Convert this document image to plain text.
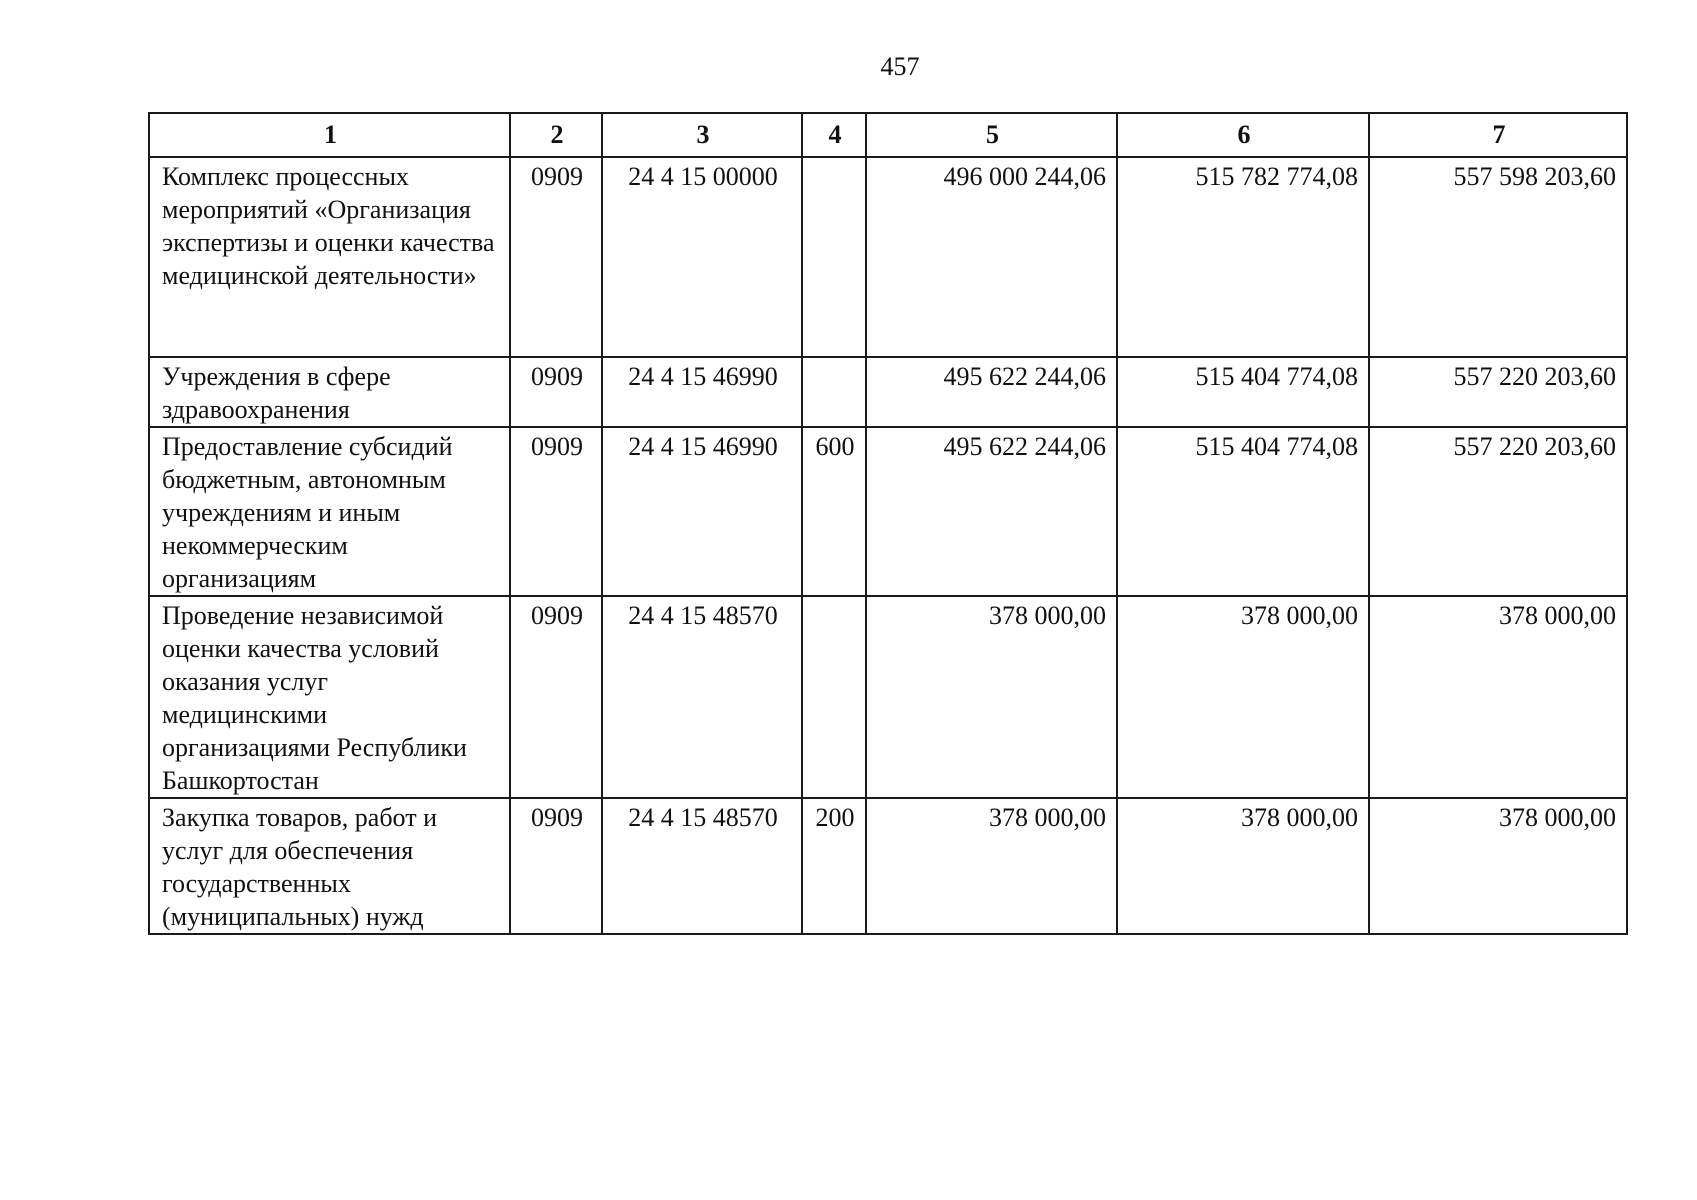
457
1	2	3	4	5	6	7
Комплекс процессных мероприятий «Организация экспертизы и оценки качества медицинской деятельности»	0909	24 4 15 00000		496 000 244,06	515 782 774,08	557 598 203,60
Учреждения в сфере здравоохранения	0909	24 4 15 46990		495 622 244,06	515 404 774,08	557 220 203,60
Предоставление субсидий бюджетным, автономным учреждениям и иным некоммерческим организациям	0909	24 4 15 46990	600	495 622 244,06	515 404 774,08	557 220 203,60
Проведение независимой оценки качества условий оказания услуг медицинскими организациями Республики Башкортостан	0909	24 4 15 48570		378 000,00	378 000,00	378 000,00
Закупка товаров, работ и услуг для обеспечения государственных (муниципальных) нужд	0909	24 4 15 48570	200	378 000,00	378 000,00	378 000,00
